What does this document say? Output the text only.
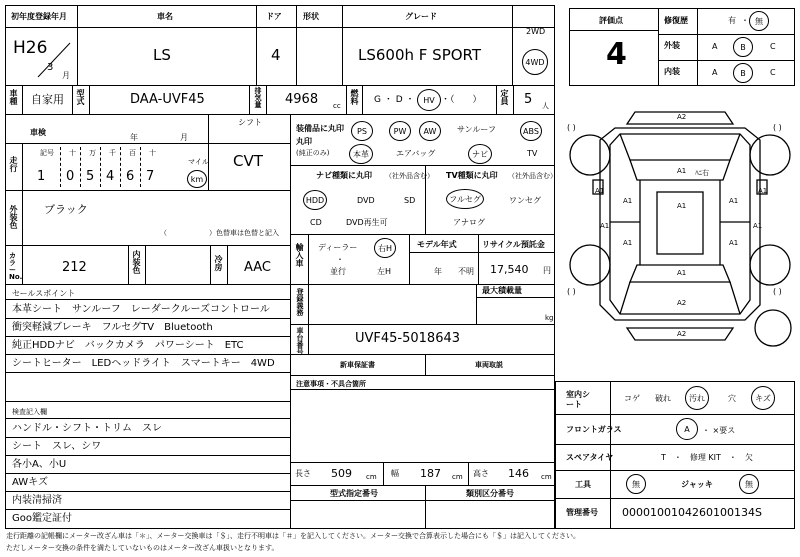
初年度登録年月	車名	ドア	形状	グレード
H26
3
月
LS	4	LS600h F SPORT
2WD
4WD
車種 自家用 型式	DAA-UVF45	排気量 4968 cc
燃料 G ・ D ・ HV ・（　　） 定員 5 人
車検
年	月
シフト
CVT
走行	マイル
km
外装色 ブラック
（　　　　　　）色替車は色替と記入
カラーNo.
212	内装色	冷房 AAC
装備品に丸印
(純正のみ)
丸印
ナビ種類に丸印 （社外品含む）
HDD	DVD	SD
CD	DVD再生可
TV種類に丸印 （社外品含む）
フルセグ	ワンセグ
アナログ
輸入車 ディーラー
・
並行
右H
左H
モデル年式
年 不明
リサイクル預託金
17,540 円
セールスポイント
検査記入欄
登録義務	最大積載量
kg
車台番号	UVF45-5018643
新車保証書	車両取説
注意事項・不具合箇所
長さ 509 cm 幅 187 cm 高さ 146 cm
型式指定番号	類別区分番号
評価点
4
修復歴	有 ・ 無
外装	A	B	C
内装	A	B	C
A2
A1	A1
A1	A1
A1	A1
A1
A1
A1
A2
ﾊﾆ右
A2
A1	A1
( )	( )
( )	( )
室内シート
コゲ 破れ 汚れ	穴 キズ
フロントガラス	A ・ ×要ス
スペアタイヤ	T　・　修理 KIT　・　欠
工具	無	ジャッキ	無
管理番号 0000100104260100134S
走行距離の記帳欄にメーター改ざん車は「＊」、メーター交換車は「＄」、走行不明車は「＃」を記入してください。メーター交換で合算表示した場合にも「＄」は記入してください。
ただしメーター交換の条件を満たしていないものはメーター改ざん車扱いとなります。
記号 十 万 千 百 十
1 0 5 4 6 7
PS	PW	AW	サンルーフ	ABS
本革	エアバッグ	ナビ	TV
本革シート　サンルーフ　レーダークルーズコントロール
衝突軽減ブレーキ　フルセグTV　Bluetooth
純正HDDナビ　バックカメラ　パワーシート　ETC
シートヒーター　LEDヘッドライト　スマートキー　4WD
ハンドル・シフト・トリム　スレ
シート　スレ、シワ
各小A、小U
AWキズ
内装清掃済
Goo鑑定証付
